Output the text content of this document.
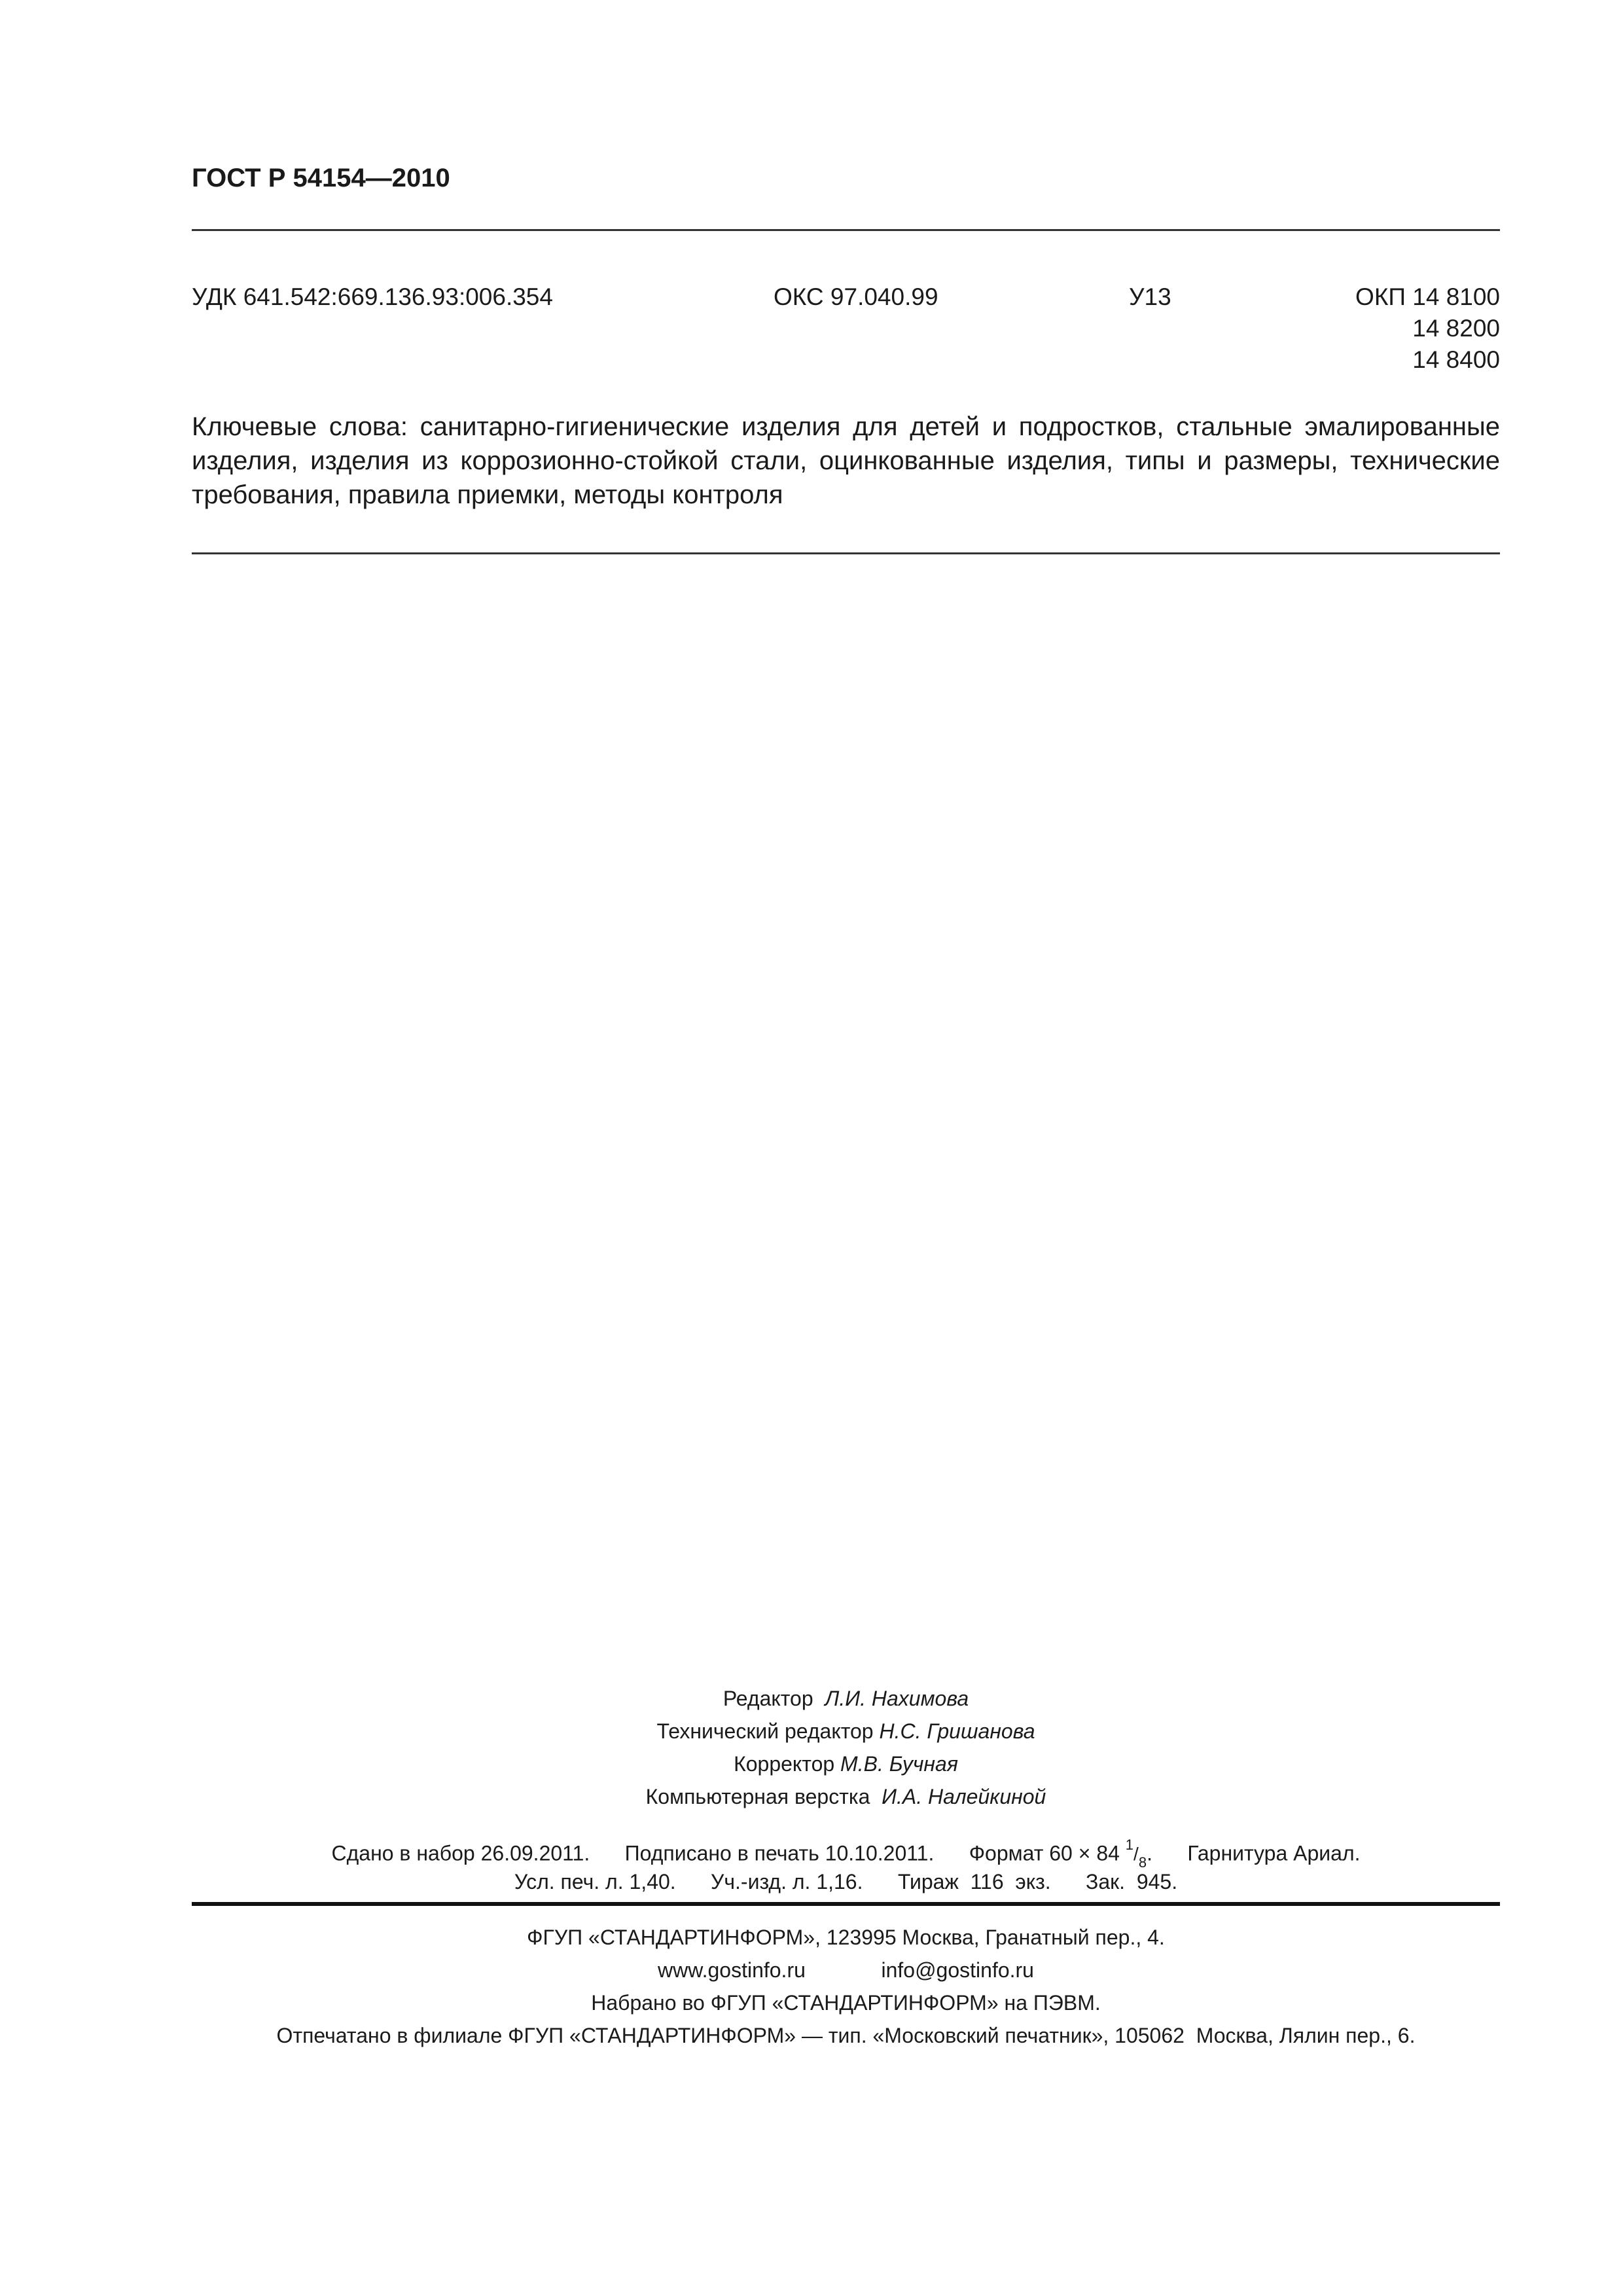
ГОСТ Р 54154—2010
УДК 641.542:669.136.93:006.354	ОКС 97.040.99	У13	ОКП 14 8100
14 8200
14 8400
Ключевые слова: санитарно-гигиенические изделия для детей и подростков, стальные эмалированные изделия, изделия из коррозионно-стойкой стали, оцинкованные изделия, типы и размеры, технические требования, правила приемки, методы контроля
Редактор Л.И. Нахимова
Технический редактор Н.С. Гришанова
Корректор М.В. Бучная
Компьютерная верстка И.А. Налейкиной
Сдано в набор 26.09.2011. Подписано в печать 10.10.2011. Формат 60 × 84 $^1/_8$.      Гарнитура Ариал.
Усл. печ. л. 1,40. Уч.-изд. л. 1,16. Тираж  116  экз. Зак.  945.
ФГУП «СТАНДАРТИНФОРМ», 123995 Москва, Гранатный пер., 4.
www.gostinfo.ru	info@gostinfo.ru
Набрано во ФГУП «СТАНДАРТИНФОРМ» на ПЭВМ.
Отпечатано в филиале ФГУП «СТАНДАРТИНФОРМ» — тип. «Московский печатник», 105062  Москва, Лялин пер., 6.
